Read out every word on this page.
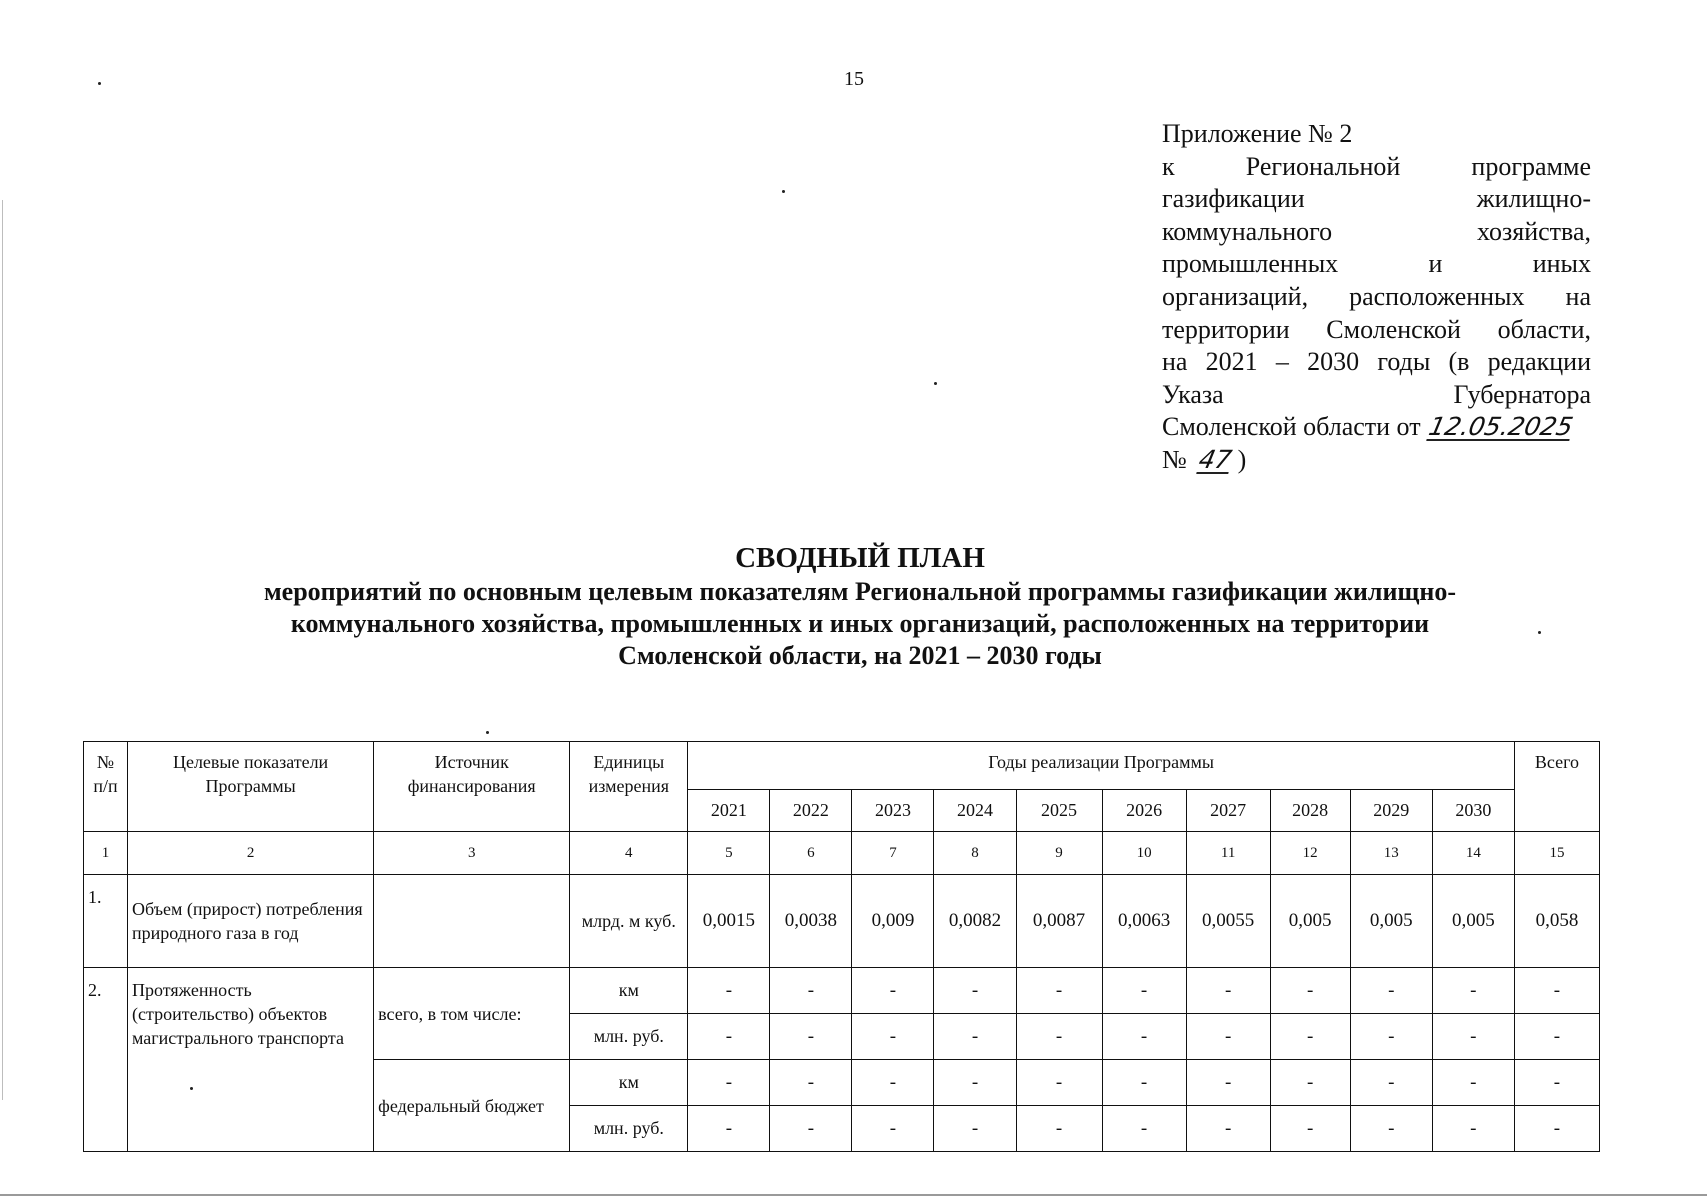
15
Приложение № 2
к Региональной программе
газификации жилищно-
коммунального хозяйства,
промышленных и иных
организаций, расположенных на
территории Смоленской области,
на 2021 – 2030 годы (в редакции
Указа Губернатора
Смоленской области от 12.05.2025
№ 47 )
СВОДНЫЙ ПЛАН
мероприятий по основным целевым показателям Региональной программы газификации жилищно-
коммунального хозяйства, промышленных и иных организаций, расположенных на территории
Смоленской области, на 2021 – 2030 годы
№ п/п	Целевые показатели Программы	Источник финансирования	Единицы измерения	Годы реализации Программы										Всего
				2021	2022	2023	2024	2025	2026	2027	2028	2029	2030	
1	2	3	4	5	6	7	8	9	10	11	12	13	14	15
1.	Объем (прирост) потребления природного газа в год		млрд. м куб.	0,0015	0,0038	0,009	0,0082	0,0087	0,0063	0,0055	0,005	0,005	0,005	0,058
2.	Протяженность (строительство) объектов магистрального транспорта	всего, в том числе:	км	-	-	-	-	-	-	-	-	-	-	-
			млн. руб.	-	-	-	-	-	-	-	-	-	-	-
		федеральный бюджет	км	-	-	-	-	-	-	-	-	-	-	-
			млн. руб.	-	-	-	-	-	-	-	-	-	-	-
